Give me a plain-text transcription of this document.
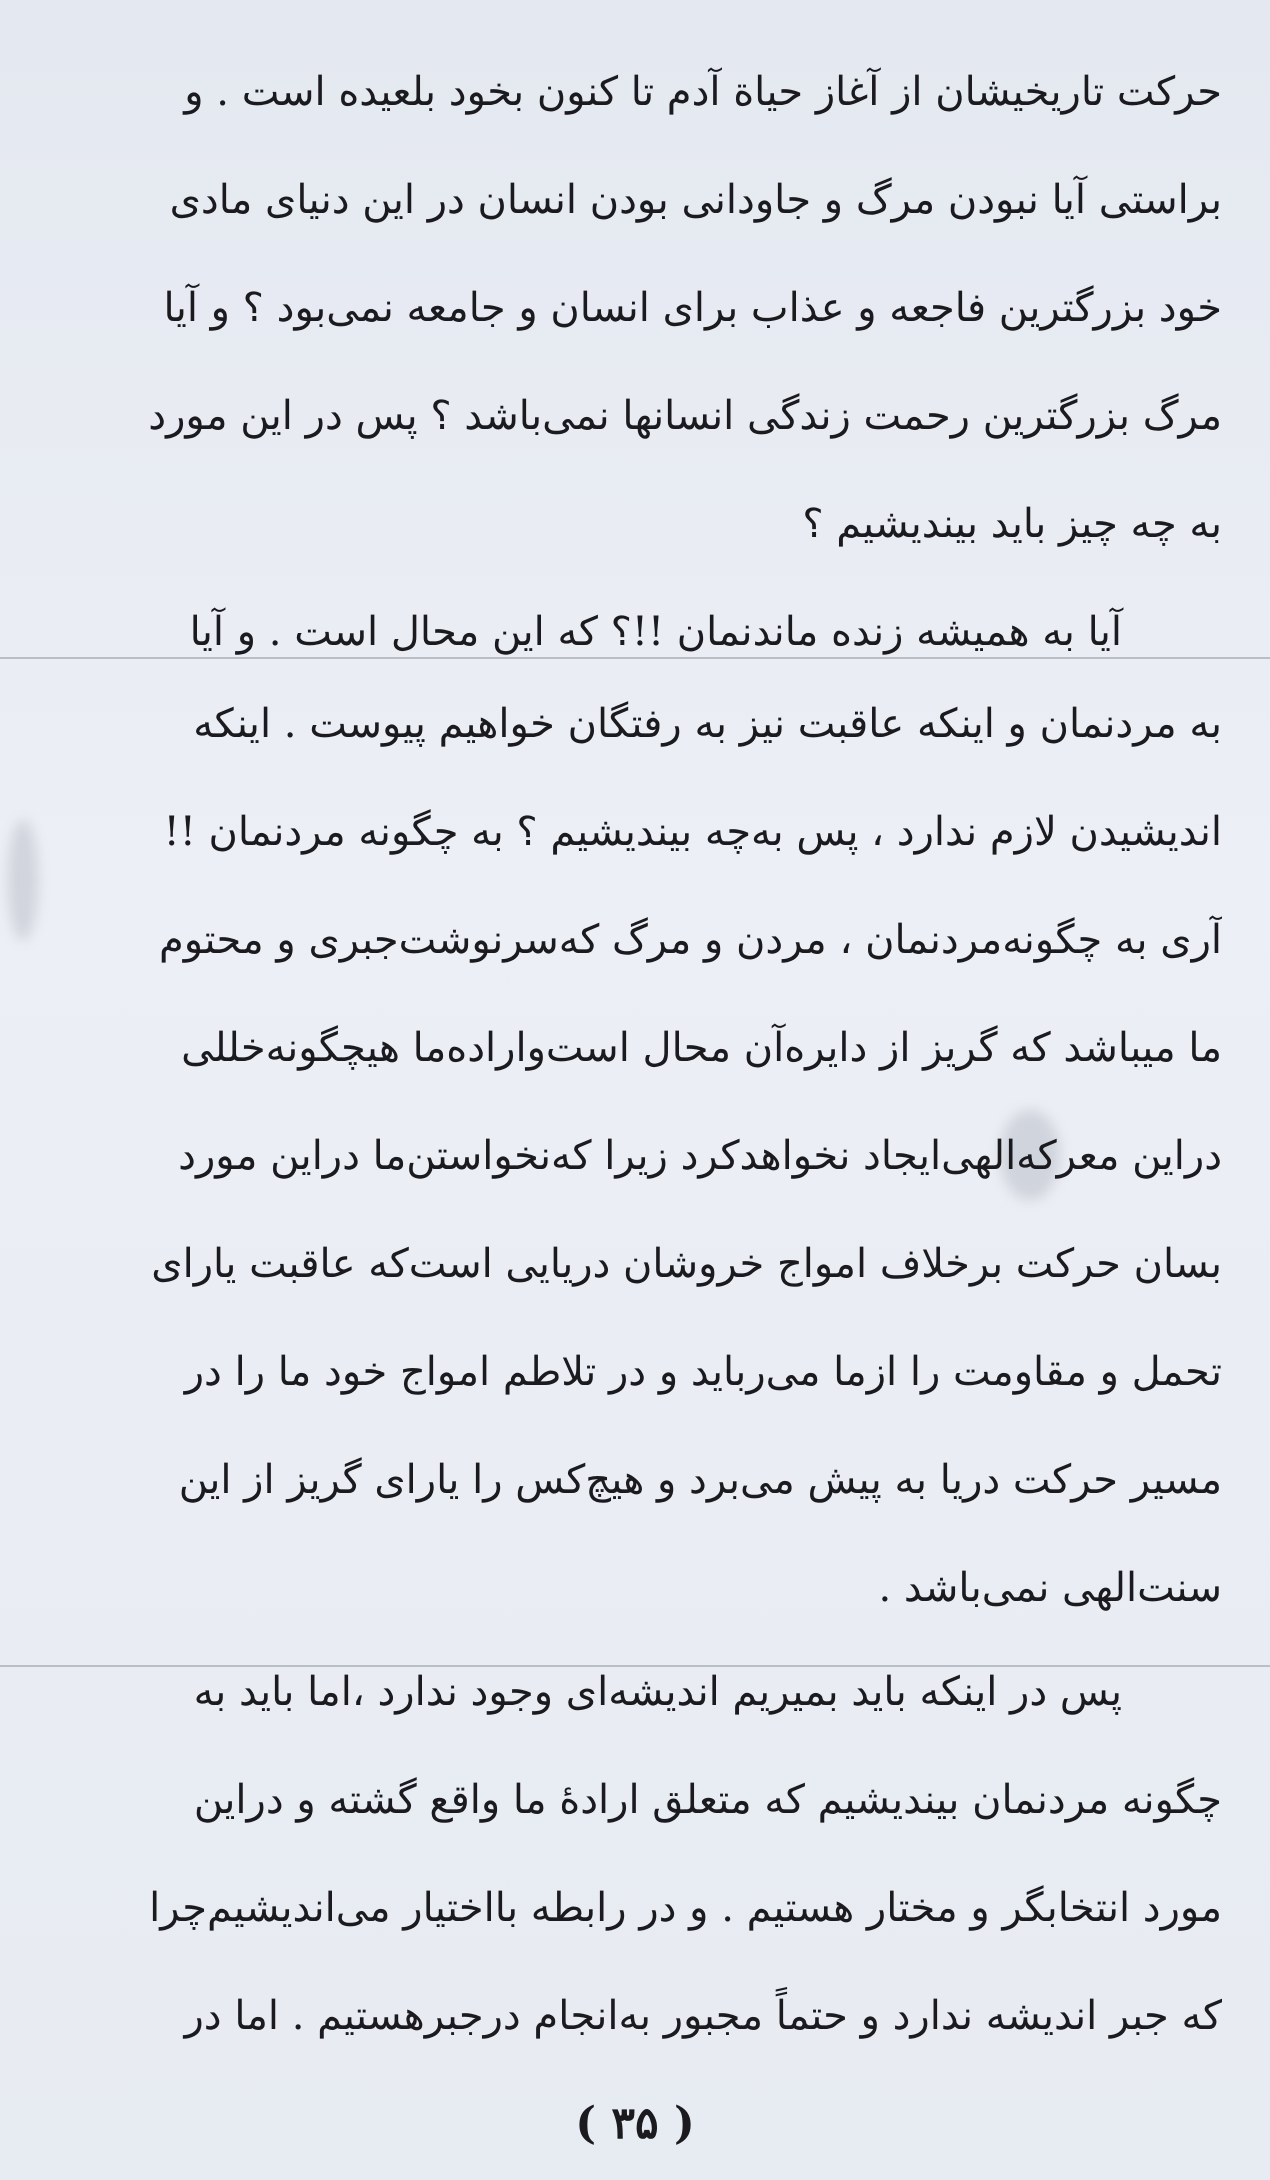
حرکت تاریخیشان از آغاز حیاة آدم تا کنون بخود بلعیده است . و
براستی آیا نبودن مرگ و جاودانی بودن انسان در این دنیای مادی
خود بزرگترین فاجعه و عذاب برای انسان و جامعه نمی‌بود ؟ و آیا
مرگ بزرگترین رحمت زندگی انسانها نمی‌باشد ؟ پس در این مورد
به چه چیز باید بیندیشیم ؟
آیا به همیشه زنده ماندنمان !!؟ که این محال است . و آیا
به مردنمان و اینکه عاقبت نیز به رفتگان خواهیم پیوست . اینکه
اندیشیدن لازم ندارد ، پس به‌چه بیندیشیم ؟ به چگونه مردنمان !!
آری به چگونه‌مردنمان ، مردن و مرگ که‌سرنوشت‌جبری و محتوم
ما میباشد که گریز از دایره‌آن محال است‌واراده‌ما هیچگونه‌خللی
دراین معرکه‌الهی‌ایجاد نخواهدکرد زیرا که‌نخواستن‌ما دراین مورد
بسان حرکت برخلاف امواج خروشان دریایی است‌که عاقبت یارای
تحمل و مقاومت را ازما می‌رباید و در تلاطم امواج خود ما را در
مسیر حرکت دریا به پیش می‌برد و هیچ‌کس را یارای گریز از این
سنت‌الهی نمی‌باشد .
پس در اینکه باید بمیریم اندیشه‌ای وجود ندارد ،اما باید به
چگونه مردنمان بیندیشیم که متعلق اراده‌ٔ ما واقع گشته و دراین
مورد انتخابگر و مختار هستیم . و در رابطه بااختیار می‌اندیشیم‌چرا
که جبر اندیشه ندارد و حتماً مجبور به‌انجام درجبرهستیم . اما در
( ۳۵ )
